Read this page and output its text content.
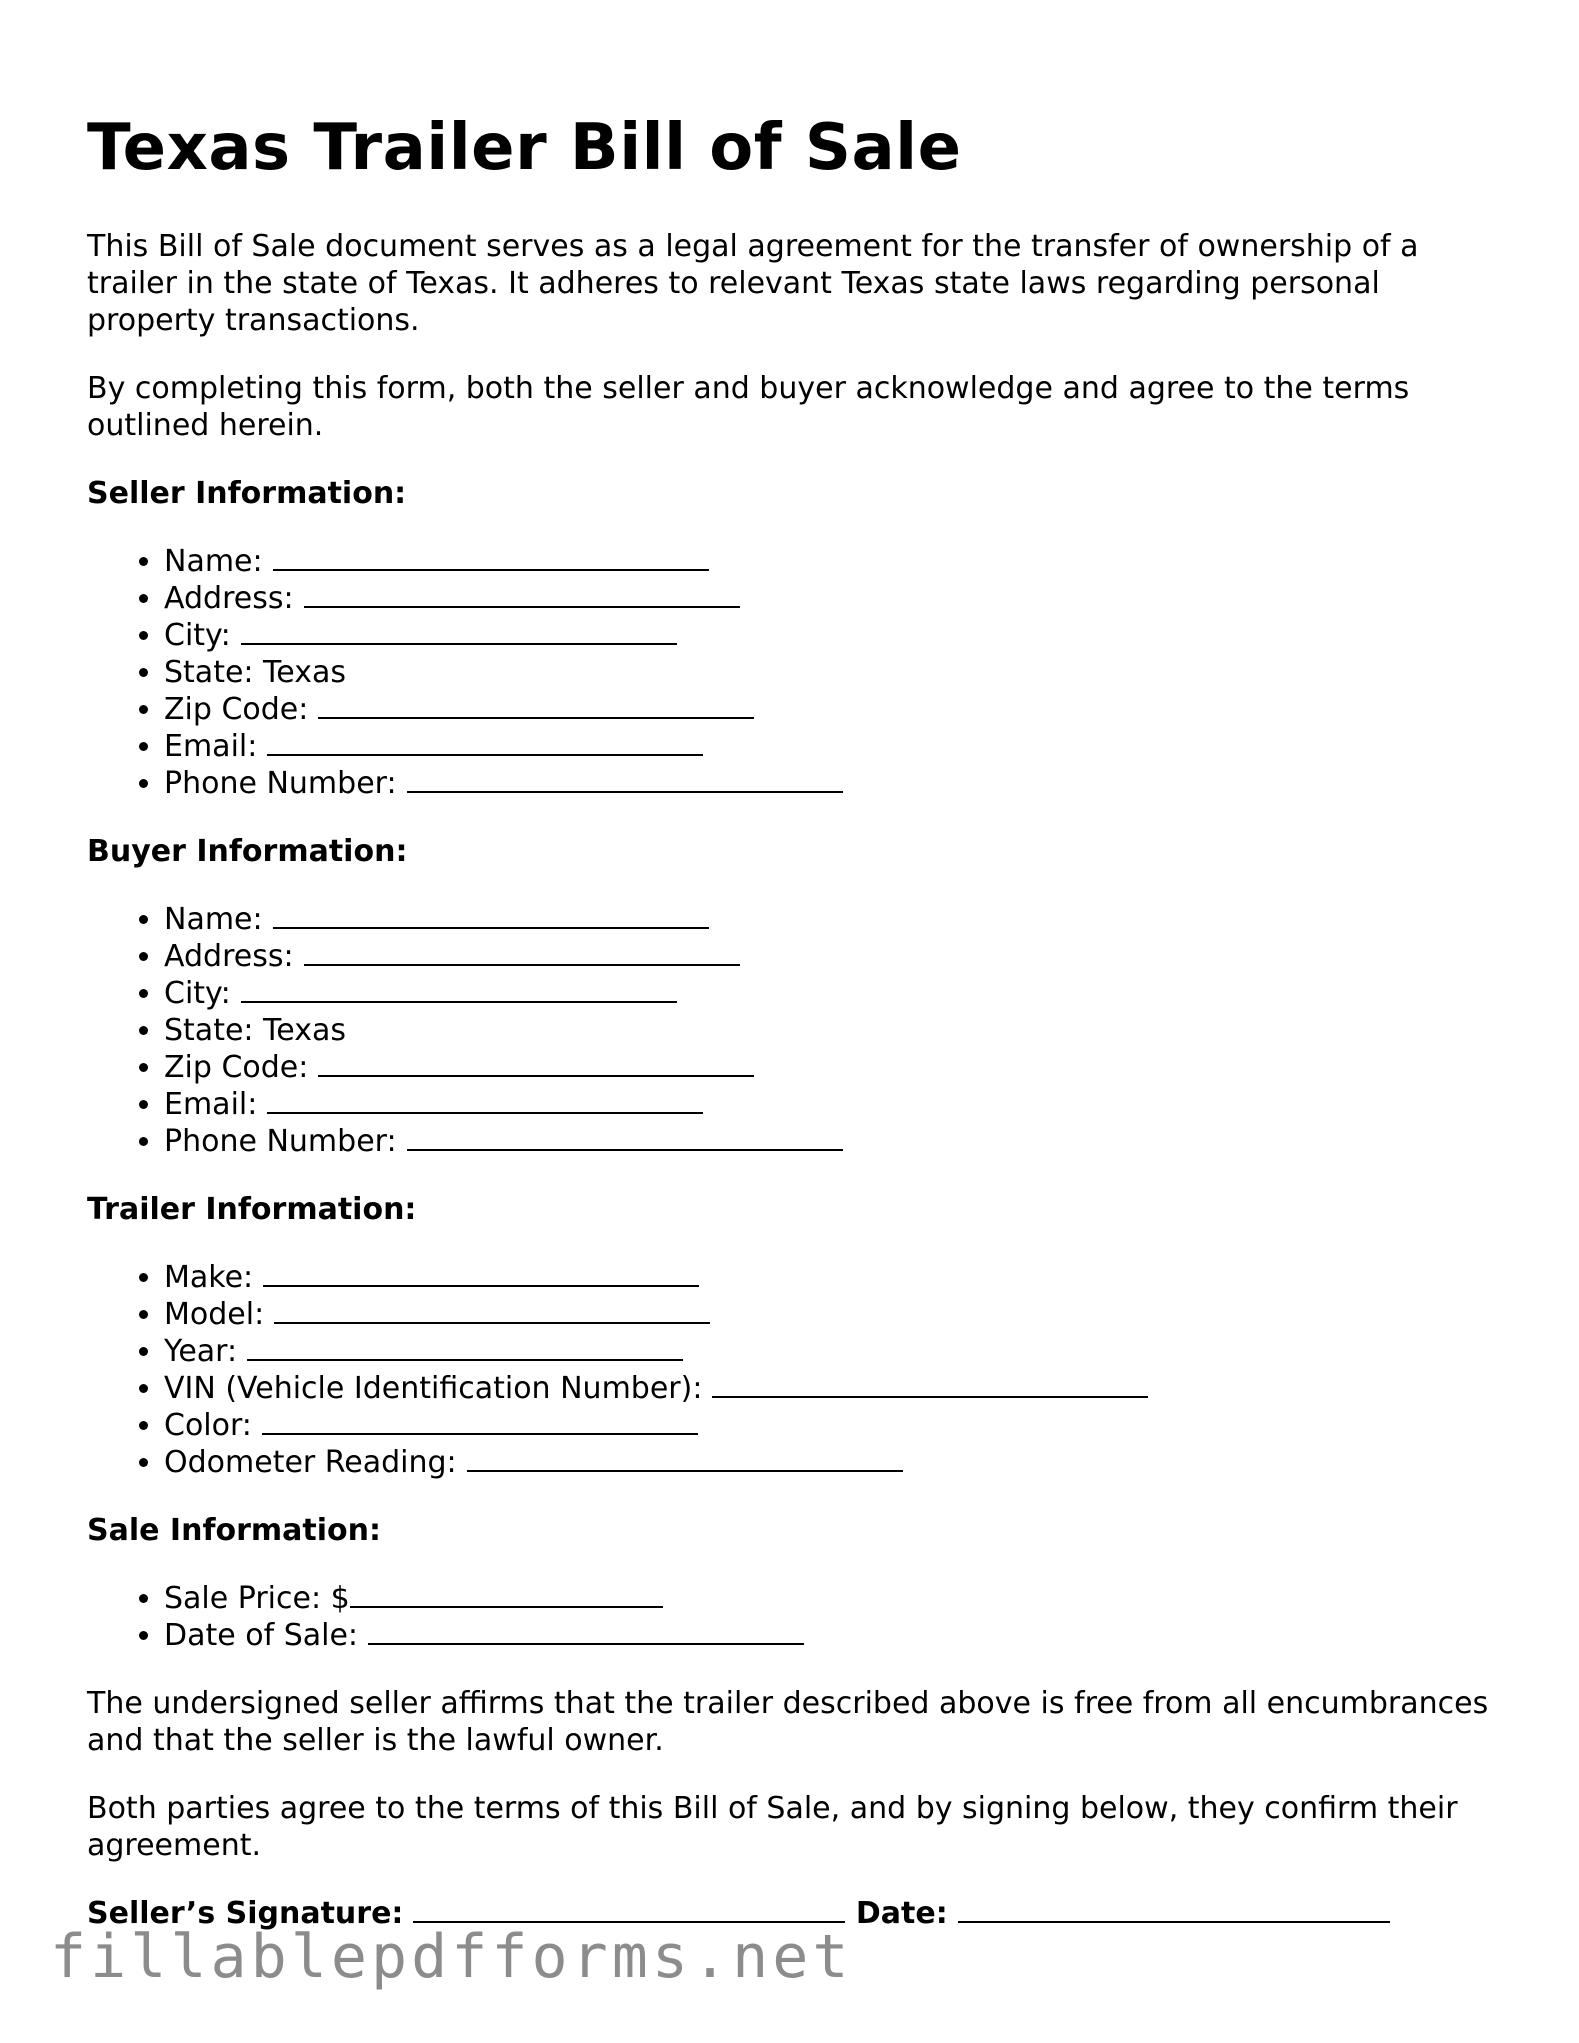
Texas Trailer Bill of Sale

This Bill of Sale document serves as a legal agreement for the transfer of ownership of a trailer in the state of Texas. It adheres to relevant Texas state laws regarding personal property transactions.

By completing this form, both the seller and buyer acknowledge and agree to the terms outlined herein.

Seller Information:
• Name:
• Address:
• City:
• State: Texas
• Zip Code:
• Email:
• Phone Number:
Buyer Information:
• Name:
• Address:
• City:
• State: Texas
• Zip Code:
• Email:
• Phone Number:
Trailer Information:
• Make:
• Model:
• Year:
• VIN (Vehicle Identification Number):
• Color:
• Odometer Reading:
Sale Information:
• Sale Price: $
• Date of Sale:

The undersigned seller affirms that the trailer described above is free from all encumbrances and that the seller is the lawful owner.

Both parties agree to the terms of this Bill of Sale, and by signing below, they confirm their agreement.

Seller’s Signature:	Date:
fillablepdfforms.net
